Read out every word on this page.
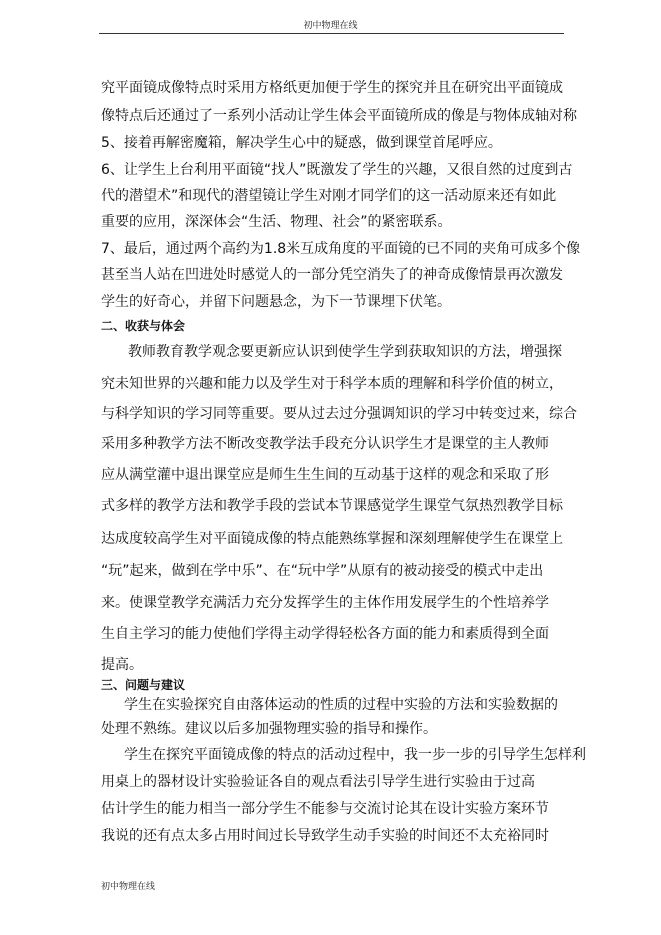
初中物理在线
究平面镜成像特点时采用方格纸更加便于学生的探究并且在研究出平面镜成
像特点后还通过了一系列小活动让学生体会平面镜所成的像是与物体成轴对称
5、接着再解密魔箱，解决学生心中的疑惑，做到课堂首尾呼应。
6、让学生上台利用平面镜“找人”既激发了学生的兴趣，又很自然的过度到古
代的潜望术”和现代的潜望镜让学生对刚才同学们的这一活动原来还有如此
重要的应用，深深体会“生活、物理、社会”的紧密联系。
7、最后，通过两个高约为1.8米互成角度的平面镜的已不同的夹角可成多个像
甚至当人站在凹进处时感觉人的一部分凭空消失了的神奇成像情景再次激发
学生的好奇心，并留下问题悬念，为下一节课埋下伏笔。
二、收获与体会
教师教育教学观念要更新应认识到使学生学到获取知识的方法，增强探
究未知世界的兴趣和能力以及学生对于科学本质的理解和科学价值的树立，
与科学知识的学习同等重要。要从过去过分强调知识的学习中转变过来，综合
采用多种教学方法不断改变教学法手段充分认识学生才是课堂的主人教师
应从满堂灌中退出课堂应是师生生生间的互动基于这样的观念和采取了形
式多样的教学方法和教学手段的尝试本节课感觉学生课堂气氛热烈教学目标
达成度较高学生对平面镜成像的特点能熟练掌握和深刻理解使学生在课堂上
“玩”起来，做到在学中乐”、在“玩中学”从原有的被动接受的模式中走出
来。使课堂教学充满活力充分发挥学生的主体作用发展学生的个性培养学
生自主学习的能力使他们学得主动学得轻松各方面的能力和素质得到全面
提高。
三、问题与建议
学生在实验探究自由落体运动的性质的过程中实验的方法和实验数据的
处理不熟练。建议以后多加强物理实验的指导和操作。
学生在探究平面镜成像的特点的活动过程中，我一步一步的引导学生怎样利
用桌上的器材设计实验验证各自的观点看法引导学生进行实验由于过高
估计学生的能力相当一部分学生不能参与交流讨论其在设计实验方案环节
我说的还有点太多占用时间过长导致学生动手实验的时间还不太充裕同时
初中物理在线
